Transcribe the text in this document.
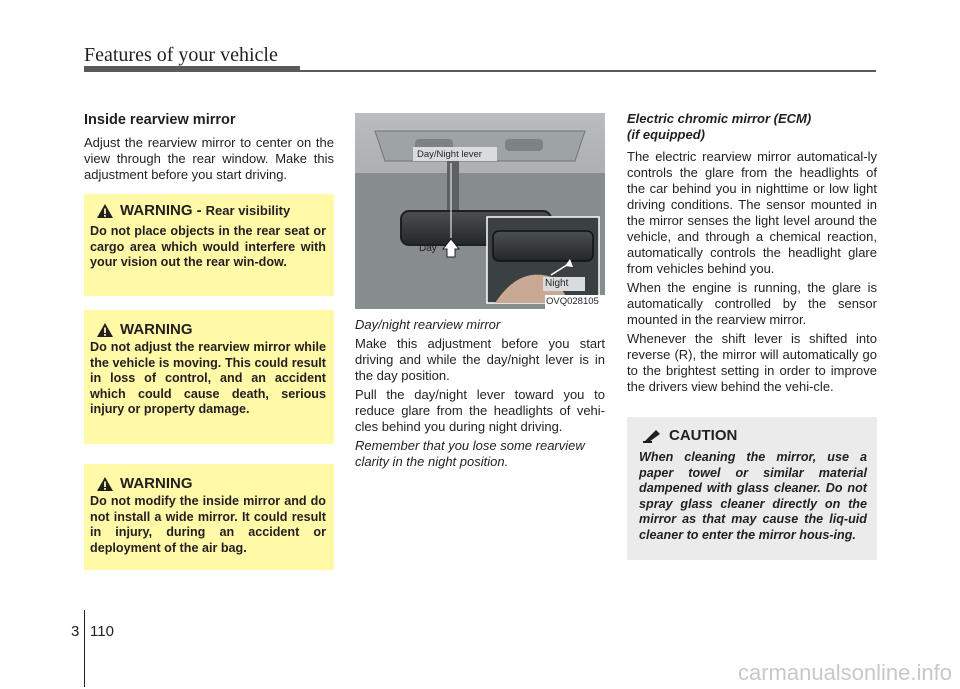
Features of your vehicle
Inside rearview mirror

Adjust the rearview mirror to center on the view through the rear window. Make this adjustment before you start driving.

WARNING - Rear visibility
Do not place objects in the rear seat or cargo area which would interfere with your vision out the rear win-dow.
WARNING
Do not adjust the rearview mirror while the vehicle is moving. This could result in loss of control, and an accident which could cause death, serious injury or property damage.
WARNING
Do not modify the inside mirror and do not install a wide mirror. It could result in injury, during an accident or deployment of the air bag.
Day/Night lever
Day
Night
OVQ028105

Day/night rearview mirror

Make this adjustment before you start driving and while the day/night lever is in the day position.

Pull the day/night lever toward you to reduce glare from the headlights of vehi-cles behind you during night driving.

Remember that you lose some rearview clarity in the night position.

Electric chromic mirror (ECM)
(if equipped)

The electric rearview mirror automatical-ly controls the glare from the headlights of the car behind you in nighttime or low light driving conditions. The sensor mounted in the mirror senses the light level around the vehicle, and through a chemical reaction, automatically controls the headlight glare from vehicles behind you.

When the engine is running, the glare is automatically controlled by the sensor mounted in the rearview mirror.

Whenever the shift lever is shifted into reverse (R), the mirror will automatically go to the brightest setting in order to improve the drivers view behind the vehi-cle.

CAUTION
When cleaning the mirror, use a paper towel or similar material dampened with glass cleaner. Do not spray glass cleaner directly on the mirror as that may cause the liq-uid cleaner to enter the mirror hous-ing.
3 110
carmanualsonline.info
